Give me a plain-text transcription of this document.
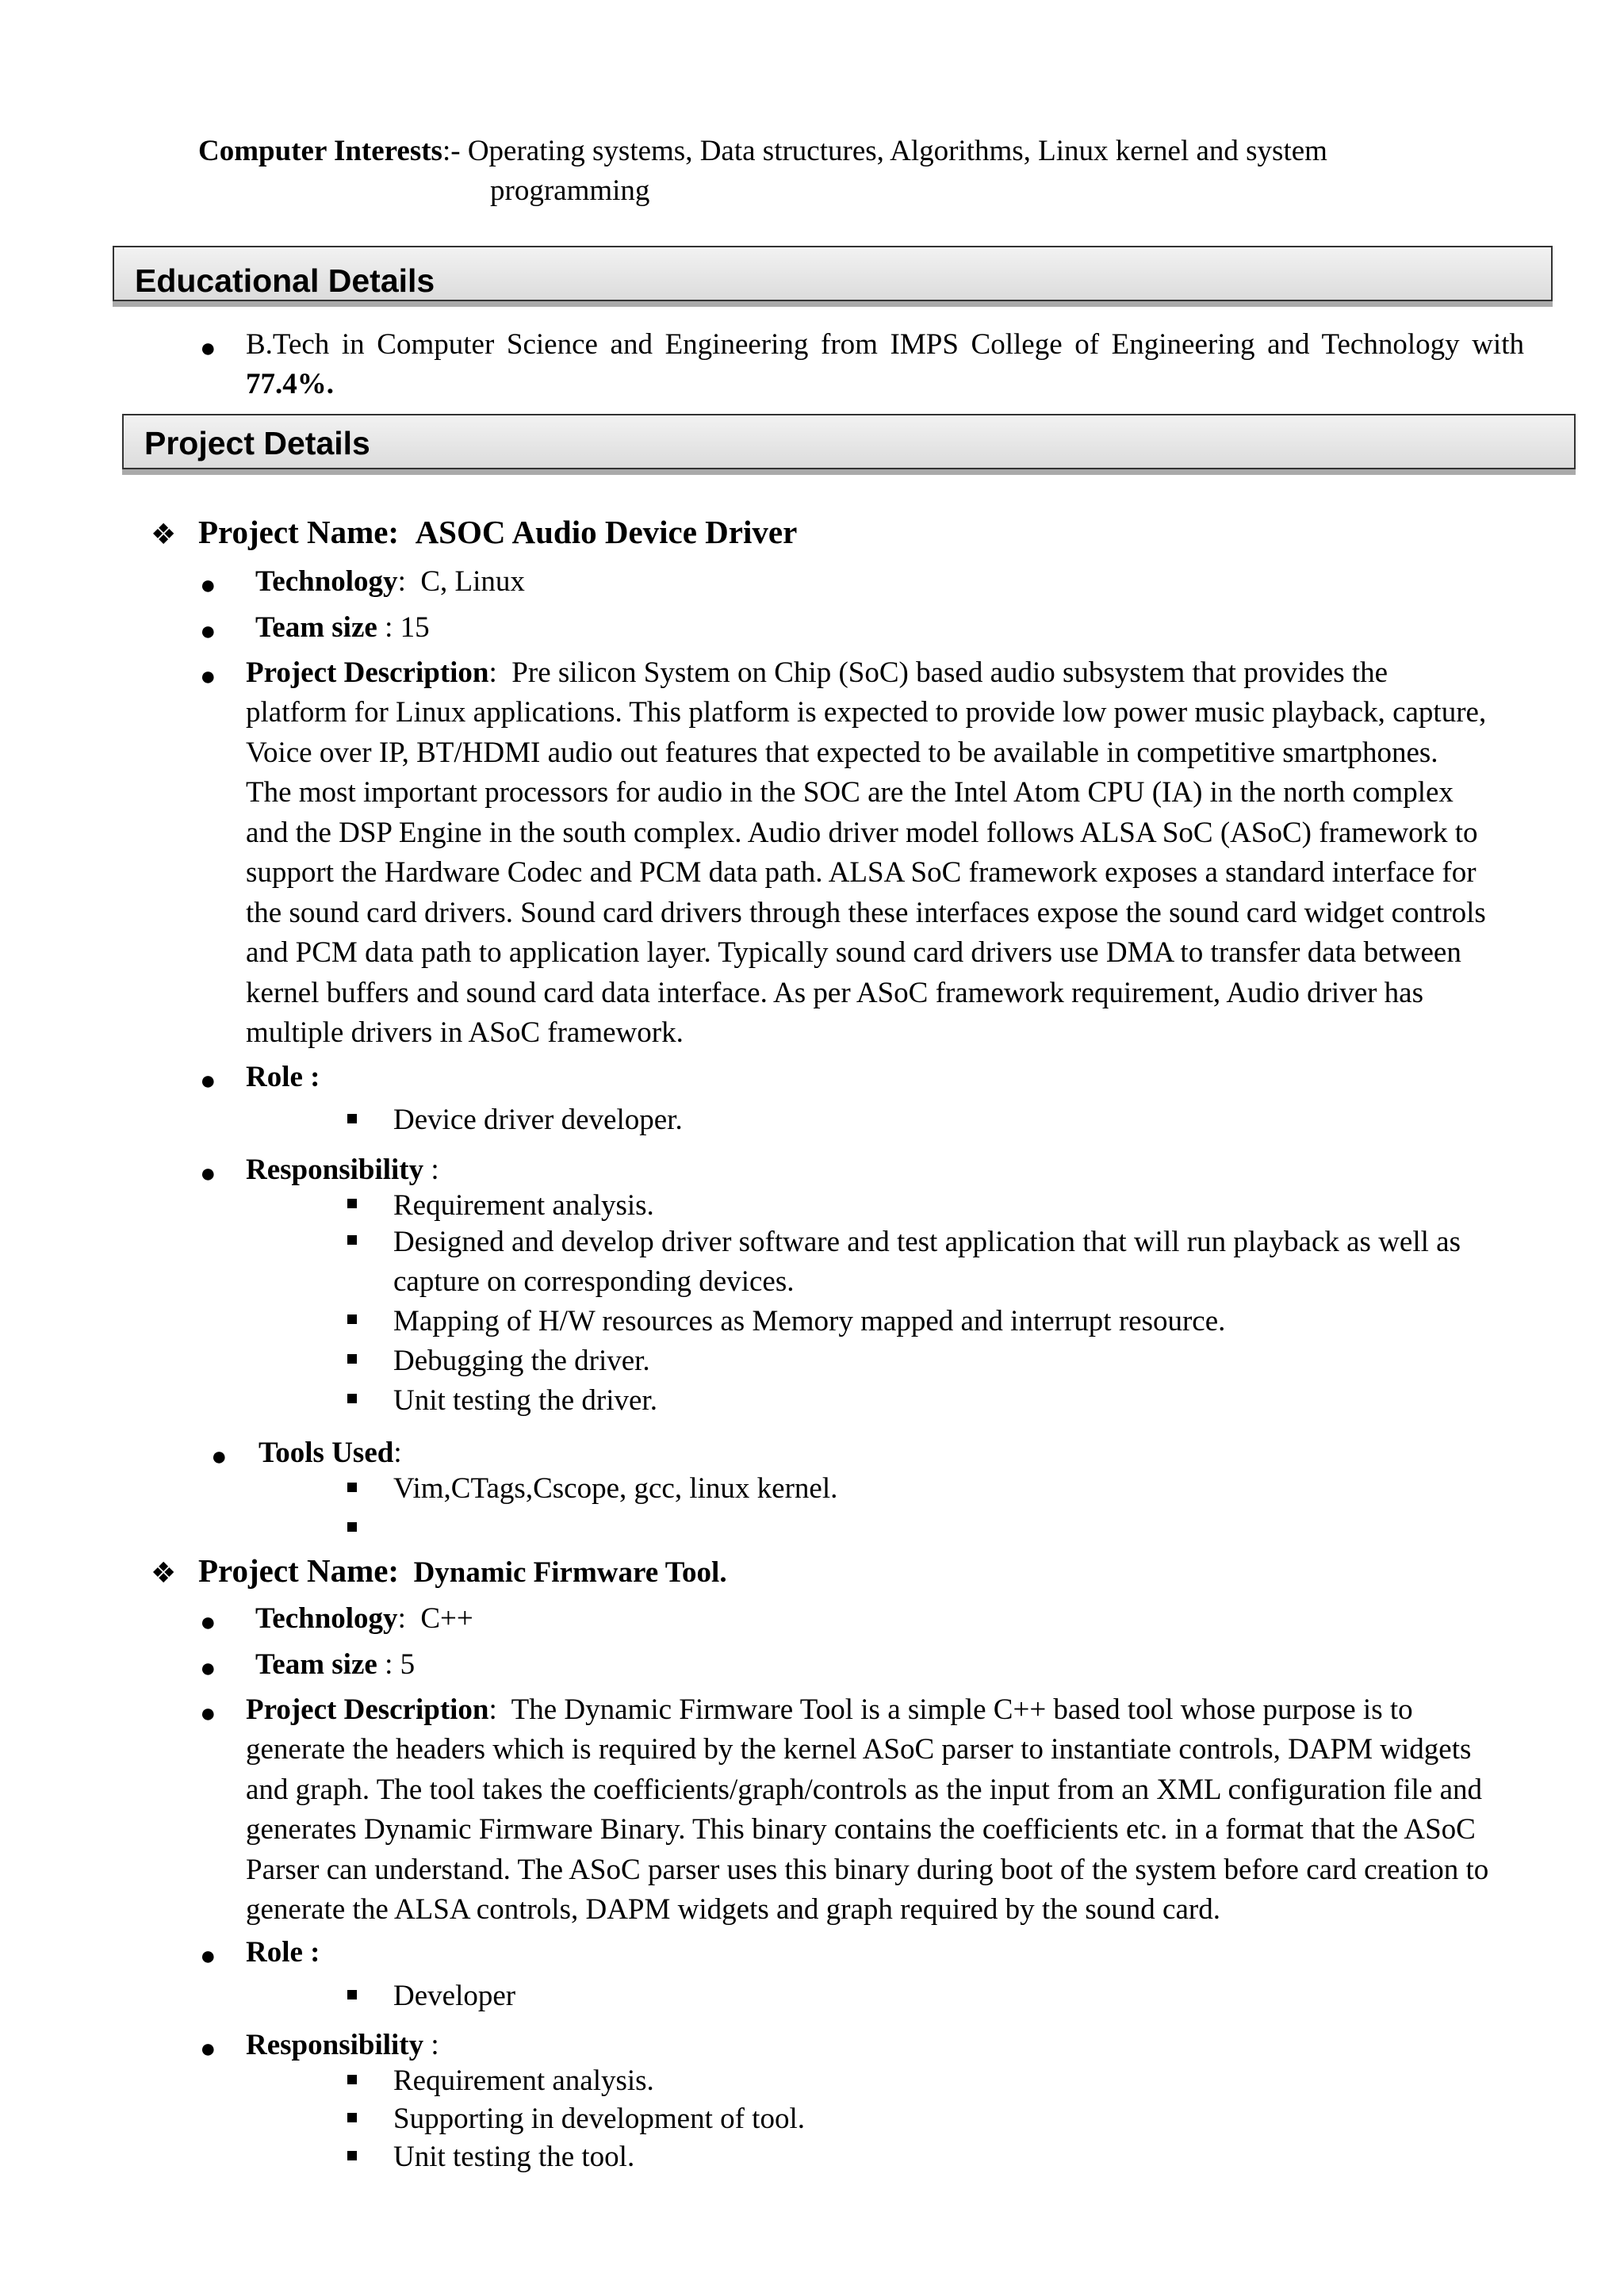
Computer Interests:- Operating systems, Data structures, Algorithms, Linux kernel and system
programming
Educational Details
● B.Tech in Computer Science and Engineering from IMPS College of Engineering and Technology with 77.4%.
Project Details
❖ Project Name: ASOC Audio Device Driver
● Technology:  C, Linux
● Team size : 15
● Project Description:  Pre silicon System on Chip (SoC) based audio subsystem that provides the
platform for Linux applications. This platform is expected to provide low power music playback, capture,
Voice over IP, BT/HDMI audio out features that expected to be available in competitive smartphones.
The most important processors for audio in the SOC are the Intel Atom CPU (IA) in the north complex
and the DSP Engine in the south complex. Audio driver model follows ALSA SoC (ASoC) framework to
support the Hardware Codec and PCM data path. ALSA SoC framework exposes a standard interface for
the sound card drivers. Sound card drivers through these interfaces expose the sound card widget controls
and PCM data path to application layer. Typically sound card drivers use DMA to transfer data between
kernel buffers and sound card data interface. As per ASoC framework requirement, Audio driver has
multiple drivers in ASoC framework.
● Role :
Device driver developer.
● Responsibility :
Requirement analysis.
Designed and develop driver software and test application that will run playback as well as
capture on corresponding devices.
Mapping of H/W resources as Memory mapped and interrupt resource.
Debugging the driver.
Unit testing the driver.
● Tools Used:
Vim,CTags,Cscope, gcc, linux kernel.
❖ Project Name: Dynamic Firmware Tool.
● Technology:  C++
● Team size : 5
● Project Description:  The Dynamic Firmware Tool is a simple C++ based tool whose purpose is to
generate the headers which is required by the kernel ASoC parser to instantiate controls, DAPM widgets
and graph. The tool takes the coefficients/graph/controls as the input from an XML configuration file and
generates Dynamic Firmware Binary. This binary contains the coefficients etc. in a format that the ASoC
Parser can understand. The ASoC parser uses this binary during boot of the system before card creation to
generate the ALSA controls, DAPM widgets and graph required by the sound card.
● Role :
Developer
● Responsibility :
Requirement analysis.
Supporting in development of tool.
Unit testing the tool.
